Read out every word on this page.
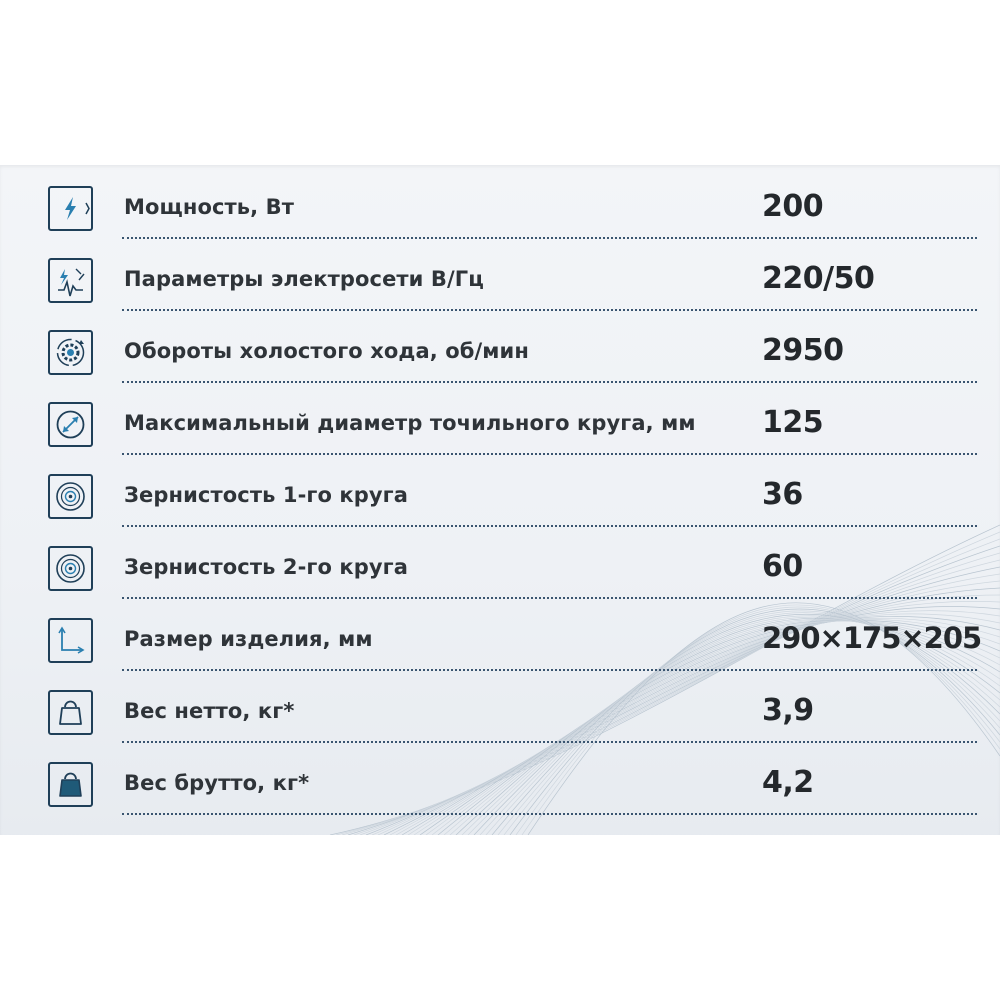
Мощность, Вт	200
Параметры электросети В/Гц	220/50
Обороты холостого хода, об/мин	2950
Максимальный диаметр точильного круга, мм 125
Зернистость 1-го круга	36
Зернистость 2-го круга	60
Размер изделия, мм	290×175×205
Вес нетто, кг*	3,9
Вес брутто, кг*	4,2
